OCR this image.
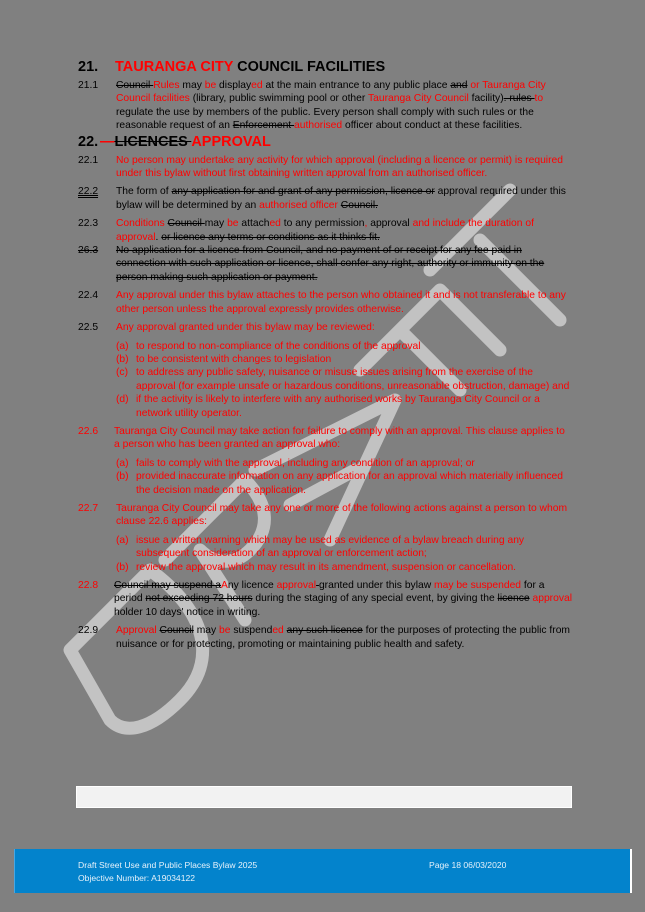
21.	TAURANGA CITY COUNCIL FACILITIES
21.1	Council Rules may be displayed at the main entrance to any public place and or Tauranga City Council facilities (library, public swimming pool or other Tauranga City Council facility). rules to regulate the use by members of the public. Every person shall comply with such rules or the reasonable request of an Enforcement authorised officer about conduct at these facilities.
22. —LICENCES APPROVAL
22.1	No person may undertake any activity for which approval (including a licence or permit) is required under this bylaw without first obtaining written approval from an authorised officer.
22.2	The form of any application for and grant of any permission, licence or approval required under this bylaw will be determined by an authorised officer Council.
22.3	Conditions Council may be attached to any permission, approval and include the duration of approval. or licence any terms or conditions as it thinks fit.
26.3	No application for a licence from Council, and no payment of or receipt for any fee paid in connection with such application or licence, shall confer any right, authority or immunity on the person making such application or payment.
22.4	Any approval under this bylaw attaches to the person who obtained it and is not transferable to any other person unless the approval expressly provides otherwise.
22.5	Any approval granted under this bylaw may be reviewed:
(a) to respond to non-compliance of the conditions of the approval
(b) to be consistent with changes to legislation
(c) to address any public safety, nuisance or misuse issues arising from the exercise of the approval (for example unsafe or hazardous conditions, unreasonable obstruction, damage) and
(d) if the activity is likely to interfere with any authorised works by Tauranga City Council or a network utility operator.
22.6	Tauranga City Council may take action for failure to comply with an approval. This clause applies to a person who has been granted an approval who:
(a) fails to comply with the approval, including any condition of an approval; or
(b) provided inaccurate information on any application for an approval which materially influenced the decision made on the application.
22.7	Tauranga City Council may take any one or more of the following actions against a person to whom clause 22.6 applies:
(a) issue a written warning which may be used as evidence of a bylaw breach during any subsequent consideration of an approval or enforcement action;
(b) review the approval which may result in its amendment, suspension or cancellation.
22.8	Council may suspend aAny licence approval granted under this bylaw may be suspended for a period not exceeding 72 hours during the staging of any special event, by giving the licence approval holder 10 days' notice in writing.
22.9	Approval Council may be suspended any such licence for the purposes of protecting the public from nuisance or for protecting, promoting or maintaining public health and safety.
Draft Street Use and Public Places Bylaw 2025
Objective Number: A19034122
Page 18 06/03/2020
